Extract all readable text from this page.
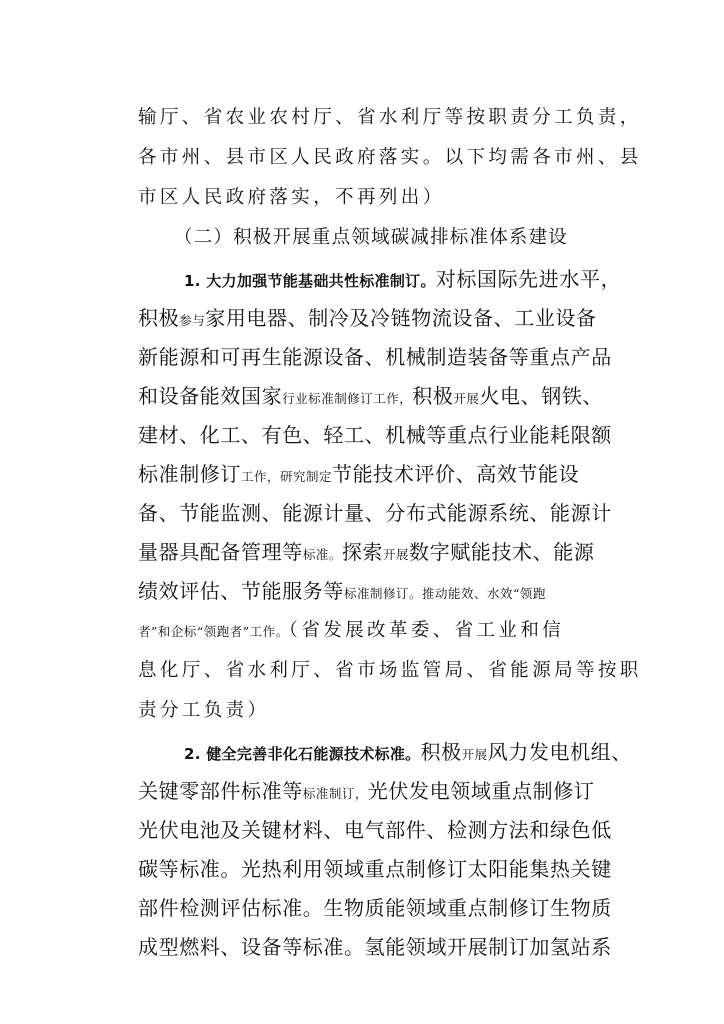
输厅、省农业农村厅、省水利厅等按职责分工负责，
各市州、县市区人民政府落实。以下均需各市州、县
市区人民政府落实，不再列出）
（二）积极开展重点领域碳减排标准体系建设
1. 大力加强节能基础共性标准制订。对标国际先进水平，
积极参与家用电器、制冷及冷链物流设备、工业设备
新能源和可再生能源设备、机械制造装备等重点产品
和设备能效国家行业标准制修订工作，积极开展火电、钢铁、
建材、化工、有色、轻工、机械等重点行业能耗限额
标准制修订工作，研究制定节能技术评价、高效节能设
备、节能监测、能源计量、分布式能源系统、能源计
量器具配备管理等标准。探索开展数字赋能技术、能源
绩效评估、节能服务等标准制修订。推动能效、水效“领跑
者”和企标“领跑者”工作。（省发展改革委、省工业和信
息化厅、省水利厅、省市场监管局、省能源局等按职
责分工负责）
2. 健全完善非化石能源技术标准。积极开展风力发电机组、
关键零部件标准等标准制订，光伏发电领域重点制修订
光伏电池及关键材料、电气部件、检测方法和绿色低
碳等标准。光热利用领域重点制修订太阳能集热关键
部件检测评估标准。生物质能领域重点制修订生物质
成型燃料、设备等标准。氢能领域开展制订加氢站系
